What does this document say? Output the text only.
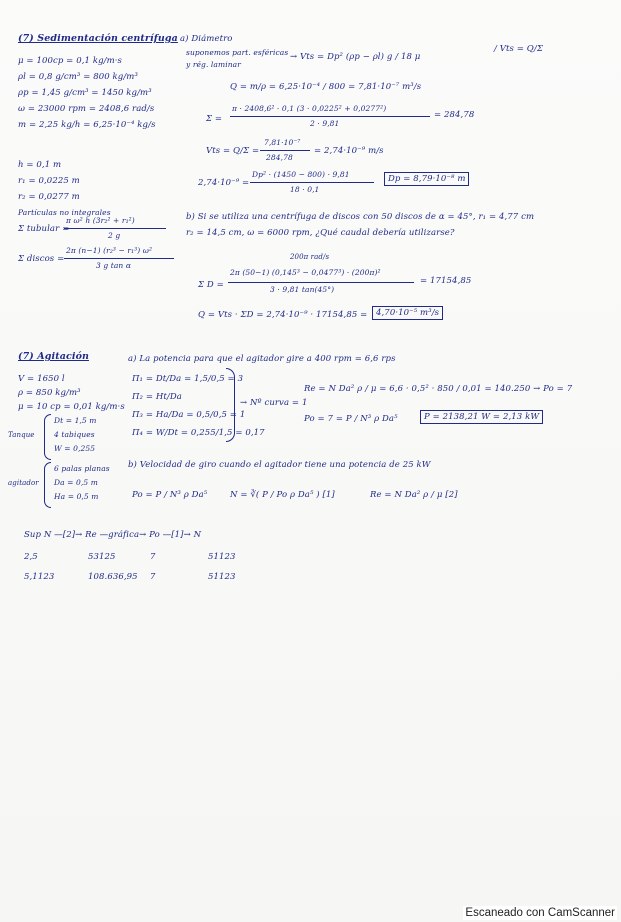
(7) Sedimentación centrífuga
μ = 100cp = 0,1 kg/m·s
ρl = 0,8 g/cm³ = 800 kg/m³
ρp = 1,45 g/cm³ = 1450 kg/m³
ω = 23000 rpm = 2408,6 rad/s
m = 2,25 kg/h = 6,25·10⁻⁴ kg/s
h = 0,1 m
r₁ = 0,0225 m
r₂ = 0,0277 m
Partículas no integrales
Σ tubular =
π ω² h (3r₂² + r₁²)
2 g
Σ discos =
2π (n−1) (r₂³ − r₁³) ω²
3 g tan α
a) Diámetro
suponemos part. esféricas
y rég. laminar
→ Vts = Dp² (ρp − ρl) g / 18 μ
/ Vts = Q/Σ
Q = m/ρ = 6,25·10⁻⁴ / 800 = 7,81·10⁻⁷ m³/s
Σ =
π · 2408,6² · 0,1 (3 · 0,0225² + 0,0277²)
2 · 9,81
= 284,78
Vts = Q/Σ =
7,81·10⁻⁷
284,78
= 2,74·10⁻⁹ m/s
2,74·10⁻⁹ =
Dp² · (1450 − 800) · 9,81
18 · 0,1
Dp = 8,79·10⁻⁸ m
b) Si se utiliza una centrífuga de discos con 50 discos de α = 45°, r₁ = 4,77 cm
r₂ = 14,5 cm, ω = 6000 rpm, ¿Qué caudal debería utilizarse?
200π rad/s
Σ D =
2π (50−1) (0,145³ − 0,0477³) · (200π)²
3 · 9,81 tan(45°)
= 17154,85
Q = Vts · ΣD = 2,74·10⁻⁹ · 17154,85 =	4,70·10⁻⁵ m³/s
(7) Agitación
V = 1650 l
ρ = 850 kg/m³
μ = 10 cp = 0,01 kg/m·s
Tanque
Dt = 1,5 m
4 tabiques
W = 0,255
agitador
6 palas planas
Da = 0,5 m
Ha = 0,5 m
a) La potencia para que el agitador gire a 400 rpm = 6,6 rps
Π₁ = Dt/Da = 1,5/0,5 = 3
Π₂ = Ht/Da
Π₃ = Ha/Da = 0,5/0,5 = 1
Π₄ = W/Dt = 0,255/1,5 = 0,17
→ Nº curva = 1
Re = N Da² ρ / μ = 6,6 · 0,5² · 850 / 0,01 = 140.250 → Po = 7
Po = 7 = P / N³ ρ Da⁵	P = 2138,21 W = 2,13 kW
b) Velocidad de giro cuando el agitador tiene una potencia de 25 kW
Po = P / N³ ρ Da⁵	N = ∛( P / Po ρ Da⁵ ) [1]	Re = N Da² ρ / μ [2]
Sup N —[2]→ Re —gráfica→ Po —[1]→ N
2,5	53125	7	51123
5,1123	108.636,95 7	51123
Escaneado con CamScanner
